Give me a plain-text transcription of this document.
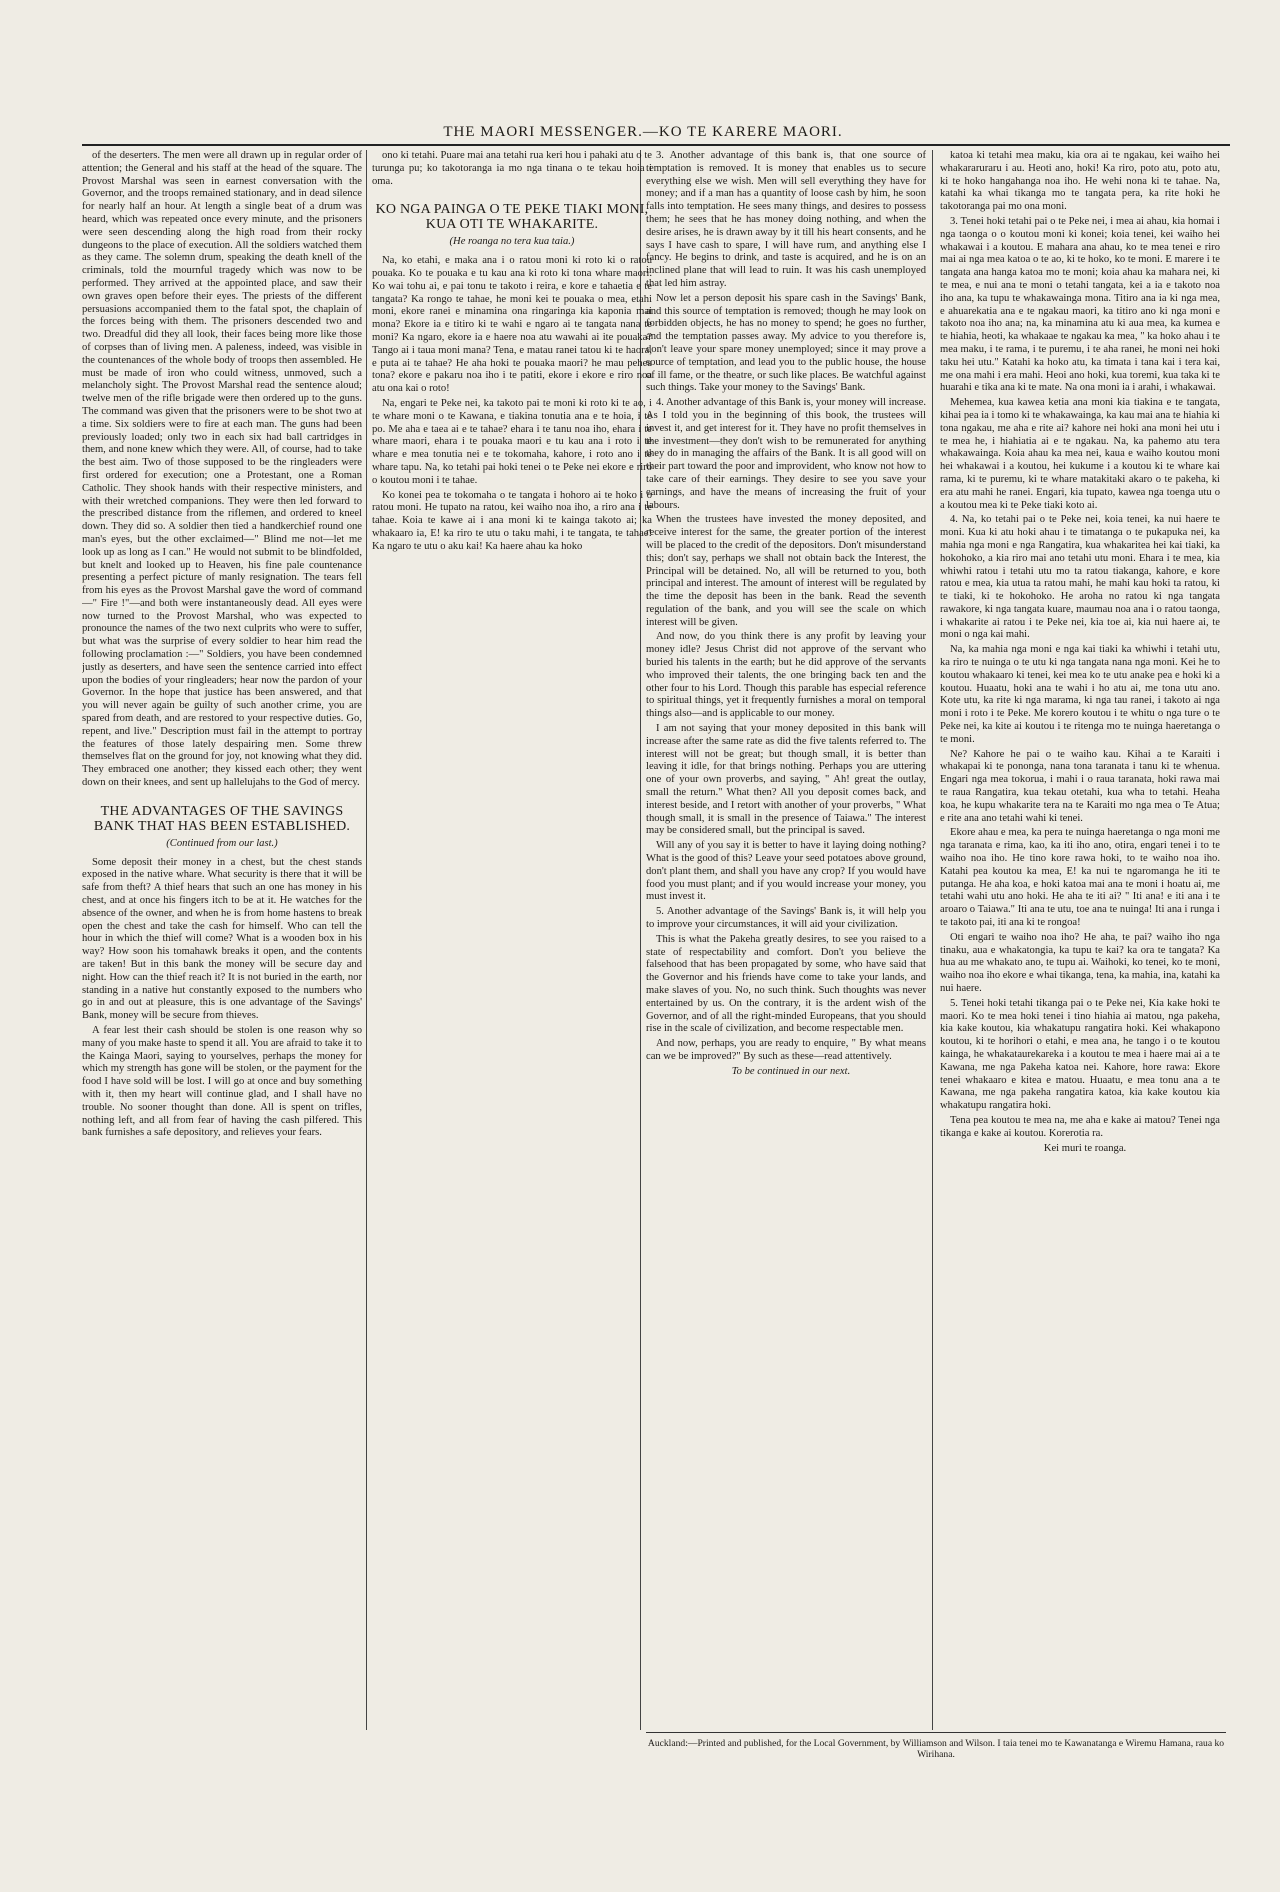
THE MAORI MESSENGER.—KO TE KARERE MAORI.

of the deserters. The men were all drawn up in regular order of attention; the General and his staff at the head of the square. The Provost Marshal was seen in earnest conversation with the Governor, and the troops remained stationary, and in dead silence for nearly half an hour. At length a single beat of a drum was heard, which was repeated once every minute, and the prisoners were seen descending along the high road from their rocky dungeons to the place of execution. All the soldiers watched them as they came. The solemn drum, speaking the death knell of the criminals, told the mournful tragedy which was now to be performed. They arrived at the appointed place, and saw their own graves open before their eyes. The priests of the different persuasions accompanied them to the fatal spot, the chaplain of the forces being with them. The prisoners descended two and two. Dreadful did they all look, their faces being more like those of corpses than of living men. A paleness, indeed, was visible in the countenances of the whole body of troops then assembled. He must be made of iron who could witness, unmoved, such a melancholy sight. The Provost Marshal read the sentence aloud; twelve men of the rifle brigade were then ordered up to the guns. The command was given that the prisoners were to be shot two at a time. Six soldiers were to fire at each man. The guns had been previously loaded; only two in each six had ball cartridges in them, and none knew which they were. All, of course, had to take the best aim. Two of those supposed to be the ringleaders were first ordered for execution; one a Protestant, one a Roman Catholic. They shook hands with their respective ministers, and with their wretched companions. They were then led forward to the prescribed distance from the riflemen, and ordered to kneel down. They did so. A soldier then tied a handkerchief round one man's eyes, but the other exclaimed—" Blind me not—let me look up as long as I can." He would not submit to be blindfolded, but knelt and looked up to Heaven, his fine pale countenance presenting a perfect picture of manly resignation. The tears fell from his eyes as the Provost Marshal gave the word of command—" Fire !"—and both were instantaneously dead. All eyes were now turned to the Provost Marshal, who was expected to pronounce the names of the two next culprits who were to suffer, but what was the surprise of every soldier to hear him read the following proclamation :—" Soldiers, you have been condemned justly as deserters, and have seen the sentence carried into effect upon the bodies of your ringleaders; hear now the pardon of your Governor. In the hope that justice has been answered, and that you will never again be guilty of such another crime, you are spared from death, and are restored to your respective duties. Go, repent, and live." Description must fail in the attempt to portray the features of those lately despairing men. Some threw themselves flat on the ground for joy, not knowing what they did. They embraced one another; they kissed each other; they went down on their knees, and sent up hallelujahs to the God of mercy.

THE ADVANTAGES OF THE SAVINGS BANK THAT HAS BEEN ESTABLISHED.
(Continued from our last.)

Some deposit their money in a chest, but the chest stands exposed in the native whare. What security is there that it will be safe from theft? A thief hears that such an one has money in his chest, and at once his fingers itch to be at it. He watches for the absence of the owner, and when he is from home hastens to break open the chest and take the cash for himself. Who can tell the hour in which the thief will come? What is a wooden box in his way? How soon his tomahawk breaks it open, and the contents are taken! But in this bank the money will be secure day and night. How can the thief reach it? It is not buried in the earth, nor standing in a native hut constantly exposed to the numbers who go in and out at pleasure, this is one advantage of the Savings' Bank, money will be secure from thieves.

A fear lest their cash should be stolen is one reason why so many of you make haste to spend it all. You are afraid to take it to the Kainga Maori, saying to yourselves, perhaps the money for which my strength has gone will be stolen, or the payment for the food I have sold will be lost. I will go at once and buy something with it, then my heart will continue glad, and I shall have no trouble. No sooner thought than done. All is spent on trifles, nothing left, and all from fear of having the cash pilfered. This bank furnishes a safe depository, and relieves your fears.

ono ki tetahi. Puare mai ana tetahi rua keri hou i pahaki atu o te turunga pu; ko takotoranga ia mo nga tinana o te tekau hoia i oma.

KO NGA PAINGA O TE PEKE TIAKI MONI, KUA OTI TE WHAKARITE.
(He roanga no tera kua taia.)

Na, ko etahi, e maka ana i o ratou moni ki roto ki o ratou pouaka. Ko te pouaka e tu kau ana ki roto ki tona whare maori. Ko wai tohu ai, e pai tonu te takoto i reira, e kore e tahaetia e te tangata? Ka rongo te tahae, he moni kei te pouaka o mea, etahi moni, ekore ranei e minamina ona ringaringa kia kaponia mai mona? Ekore ia e titiro ki te wahi e ngaro ai te tangata nana te moni? Ka ngaro, ekore ia e haere noa atu wawahi ai ite pouaka? Tango ai i taua moni mana? Tena, e matau ranei tatou ki te haora, e puta ai te tahae? He aha hoki te pouaka maori? he mau pehea tona? ekore e pakaru noa iho i te patiti, ekore i ekore e riro noa atu ona kai o roto!

Na, engari te Peke nei, ka takoto pai te moni ki roto ki te ao, i te whare moni o te Kawana, e tiakina tonutia ana e te hoia, i te po. Me aha e taea ai e te tahae? ehara i te tanu noa iho, ehara i te whare maori, ehara i te pouaka maori e tu kau ana i roto i te whare e mea tonutia nei e te tokomaha, kahore, i roto ano i te whare tapu. Na, ko tetahi pai hoki tenei o te Peke nei ekore e riro o koutou moni i te tahae.

Ko konei pea te tokomaha o te tangata i hohoro ai te hoko i o ratou moni. He tupato na ratou, kei waiho noa iho, a riro ana i te tahae. Koia te kawe ai i ana moni ki te kainga takoto ai; ka whakaaro ia, E! ka riro te utu o taku mahi, i te tangata, te tahae! Ka ngaro te utu o aku kai! Ka haere ahau ka hoko

3. Another advantage of this bank is, that one source of temptation is removed. It is money that enables us to secure everything else we wish. Men will sell everything they have for money; and if a man has a quantity of loose cash by him, he soon falls into temptation. He sees many things, and desires to possess them; he sees that he has money doing nothing, and when the desire arises, he is drawn away by it till his heart consents, and he says I have cash to spare, I will have rum, and anything else I fancy. He begins to drink, and taste is acquired, and he is on an inclined plane that will lead to ruin. It was his cash unemployed that led him astray.

Now let a person deposit his spare cash in the Savings' Bank, and this source of temptation is removed; though he may look on forbidden objects, he has no money to spend; he goes no further, and the temptation passes away. My advice to you therefore is, don't leave your spare money unemployed; since it may prove a source of temptation, and lead you to the public house, the house of ill fame, or the theatre, or such like places. Be watchful against such things. Take your money to the Savings' Bank.

4. Another advantage of this Bank is, your money will increase. As I told you in the beginning of this book, the trustees will invest it, and get interest for it. They have no profit themselves in the investment—they don't wish to be remunerated for anything they do in managing the affairs of the Bank. It is all good will on their part toward the poor and improvident, who know not how to take care of their earnings. They desire to see you save your earnings, and have the means of increasing the fruit of your labours.

When the trustees have invested the money deposited, and receive interest for the same, the greater portion of the interest will be placed to the credit of the depositors. Don't misunderstand this; don't say, perhaps we shall not obtain back the Interest, the Principal will be detained. No, all will be returned to you, both principal and interest. The amount of interest will be regulated by the time the deposit has been in the bank. Read the seventh regulation of the bank, and you will see the scale on which interest will be given.

And now, do you think there is any profit by leaving your money idle? Jesus Christ did not approve of the servant who buried his talents in the earth; but he did approve of the servants who improved their talents, the one bringing back ten and the other four to his Lord. Though this parable has especial reference to spiritual things, yet it frequently furnishes a moral on temporal things also—and is applicable to our money.

I am not saying that your money deposited in this bank will increase after the same rate as did the five talents referred to. The interest will not be great; but though small, it is better than leaving it idle, for that brings nothing. Perhaps you are uttering one of your own proverbs, and saying, " Ah! great the outlay, small the return." What then? All you deposit comes back, and interest beside, and I retort with another of your proverbs, " What though small, it is small in the presence of Taiawa." The interest may be considered small, but the principal is saved.

Will any of you say it is better to have it laying doing nothing? What is the good of this? Leave your seed potatoes above ground, don't plant them, and shall you have any crop? If you would have food you must plant; and if you would increase your money, you must invest it.

5. Another advantage of the Savings' Bank is, it will help you to improve your circumstances, it will aid your civilization.

This is what the Pakeha greatly desires, to see you raised to a state of respectability and comfort. Don't you believe the falsehood that has been propagated by some, who have said that the Governor and his friends have come to take your lands, and make slaves of you. No, no such think. Such thoughts was never entertained by us. On the contrary, it is the ardent wish of the Governor, and of all the right-minded Europeans, that you should rise in the scale of civilization, and become respectable men.

And now, perhaps, you are ready to enquire, " By what means can we be improved?" By such as these—read attentively.

To be continued in our next.

katoa ki tetahi mea maku, kia ora ai te ngakau, kei waiho hei whakararuraru i au. Heoti ano, hoki! Ka riro, poto atu, poto atu, ki te hoko hangahanga noa iho. He wehi nona ki te tahae. Na, katahi ka whai tikanga mo te tangata pera, ka rite hoki he takotoranga pai mo ona moni.

3. Tenei hoki tetahi pai o te Peke nei, i mea ai ahau, kia homai i nga taonga o o koutou moni ki konei; koia tenei, kei waiho hei whakawai i a koutou. E mahara ana ahau, ko te mea tenei e riro mai ai nga mea katoa o te ao, ki te hoko, ko te moni. E marere i te tangata ana hanga katoa mo te moni; koia ahau ka mahara nei, ki te mea, e nui ana te moni o tetahi tangata, kei a ia e takoto noa iho ana, ka tupu te whakawainga mona. Titiro ana ia ki nga mea, e ahuarekatia ana e te ngakau maori, ka titiro ano ki nga moni e takoto noa iho ana; na, ka minamina atu ki aua mea, ka kumea e te hiahia, heoti, ka whakaae te ngakau ka mea, " ka hoko ahau i te mea maku, i te rama, i te puremu, i te aha ranei, he moni nei hoki taku hei utu." Katahi ka hoko atu, ka timata i tana kai i tera kai, me ona mahi i era mahi. Heoi ano hoki, kua toremi, kua taka ki te huarahi e tika ana ki te mate. Na ona moni ia i arahi, i whakawai.

Mehemea, kua kawea ketia ana moni kia tiakina e te tangata, kihai pea ia i tomo ki te whakawainga, ka kau mai ana te hiahia ki tona ngakau, me aha e rite ai? kahore nei hoki ana moni hei utu i te mea he, i hiahiatia ai e te ngakau. Na, ka pahemo atu tera whakawainga. Koia ahau ka mea nei, kaua e waiho koutou moni hei whakawai i a koutou, hei kukume i a koutou ki te whare kai rama, ki te puremu, ki te whare matakitaki akaro o te pakeha, ki era atu mahi he ranei. Engari, kia tupato, kawea nga toenga utu o a koutou mea ki te Peke tiaki koto ai.

4. Na, ko tetahi pai o te Peke nei, koia tenei, ka nui haere te moni. Kua ki atu hoki ahau i te timatanga o te pukapuka nei, ka mahia nga moni e nga Rangatira, kua whakaritea hei kai tiaki, ka hokohoko, a kia riro mai ano tetahi utu moni. Ehara i te mea, kia whiwhi ratou i tetahi utu mo ta ratou tiakanga, kahore, e kore ratou e mea, kia utua ta ratou mahi, he mahi kau hoki ta ratou, ki te tiaki, ki te hokohoko. He aroha no ratou ki nga tangata rawakore, ki nga tangata kuare, maumau noa ana i o ratou taonga, i whakarite ai ratou i te Peke nei, kia toe ai, kia nui haere ai, te moni o nga kai mahi.

Na, ka mahia nga moni e nga kai tiaki ka whiwhi i tetahi utu, ka riro te nuinga o te utu ki nga tangata nana nga moni. Kei he to koutou whakaaro ki tenei, kei mea ko te utu anake pea e hoki ki a koutou. Huaatu, hoki ana te wahi i ho atu ai, me tona utu ano. Kote utu, ka rite ki nga marama, ki nga tau ranei, i takoto ai nga moni i roto i te Peke. Me korero koutou i te whitu o nga ture o te Peke nei, ka kite ai koutou i te ritenga mo te nuinga haeretanga o te moni.

Ne? Kahore he pai o te waiho kau. Kihai a te Karaiti i whakapai ki te pononga, nana tona taranata i tanu ki te whenua. Engari nga mea tokorua, i mahi i o raua taranata, hoki rawa mai te raua Rangatira, kua tekau otetahi, kua wha to tetahi. Heaha koa, he kupu whakarite tera na te Karaiti mo nga mea o Te Atua; e rite ana ano tetahi wahi ki tenei.

Ekore ahau e mea, ka pera te nuinga haeretanga o nga moni me nga taranata e rima, kao, ka iti iho ano, otira, engari tenei i to te waiho noa iho. He tino kore rawa hoki, to te waiho noa iho. Katahi pea koutou ka mea, E! ka nui te ngaromanga he iti te putanga. He aha koa, e hoki katoa mai ana te moni i hoatu ai, me tetahi wahi utu ano hoki. He aha te iti ai? " Iti ana! e iti ana i te aroaro o Taiawa." Iti ana te utu, toe ana te nuinga! Iti ana i runga i te takoto pai, iti ana ki te rongoa!

Oti engari te waiho noa iho? He aha, te pai? waiho iho nga tinaku, aua e whakatongia, ka tupu te kai? ka ora te tangata? Ka hua au me whakato ano, te tupu ai. Waihoki, ko tenei, ko te moni, waiho noa iho ekore e whai tikanga, tena, ka mahia, ina, katahi ka nui haere.

5. Tenei hoki tetahi tikanga pai o te Peke nei, Kia kake hoki te maori. Ko te mea hoki tenei i tino hiahia ai matou, nga pakeha, kia kake koutou, kia whakatupu rangatira hoki. Kei whakapono koutou, ki te horihori o etahi, e mea ana, he tango i o te koutou kainga, he whakataurekareka i a koutou te mea i haere mai ai a te Kawana, me nga Pakeha katoa nei. Kahore, hore rawa: Ekore tenei whakaaro e kitea e matou. Huaatu, e mea tonu ana a te Kawana, me nga pakeha rangatira katoa, kia kake koutou kia whakatupu rangatira hoki.

Tena pea koutou te mea na, me aha e kake ai matou? Tenei nga tikanga e kake ai koutou. Korerotia ra.

Kei muri te roanga.

Auckland:—Printed and published, for the Local Government, by Williamson and Wilson. I taia tenei mo te Kawanatanga e Wiremu Hamana, raua ko Wirihana.
